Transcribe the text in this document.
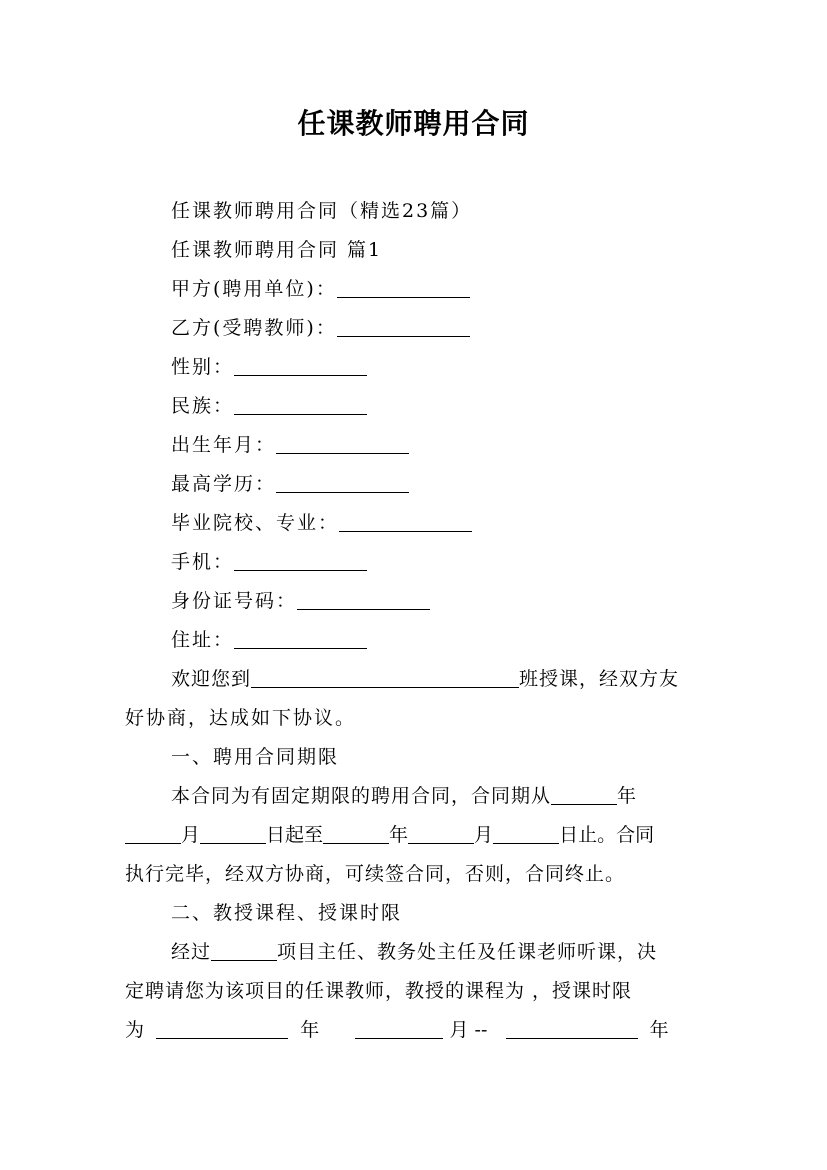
任课教师聘用合同
任课教师聘用合同（精选23篇）
任课教师聘用合同 篇1
甲方(聘用单位)：
乙方(受聘教师)：
性别：
民族：
出生年月：
最高学历：
毕业院校、专业：
手机：
身份证号码：
住址：
欢迎您到	班授课，经双方友
好协商，达成如下协议。
一、聘用合同期限
本合同为有固定期限的聘用合同，合同期从	年
月	日起至	年	月	日止。合同
执行完毕，经双方协商，可续签合同，否则，合同终止。
二、教授课程、授课时限
经过	项目主任、教务处主任及任课老师听课，决
定聘请您为该项目的任课教师，教授的课程为 ，授课时限
为	年	月 --	年
